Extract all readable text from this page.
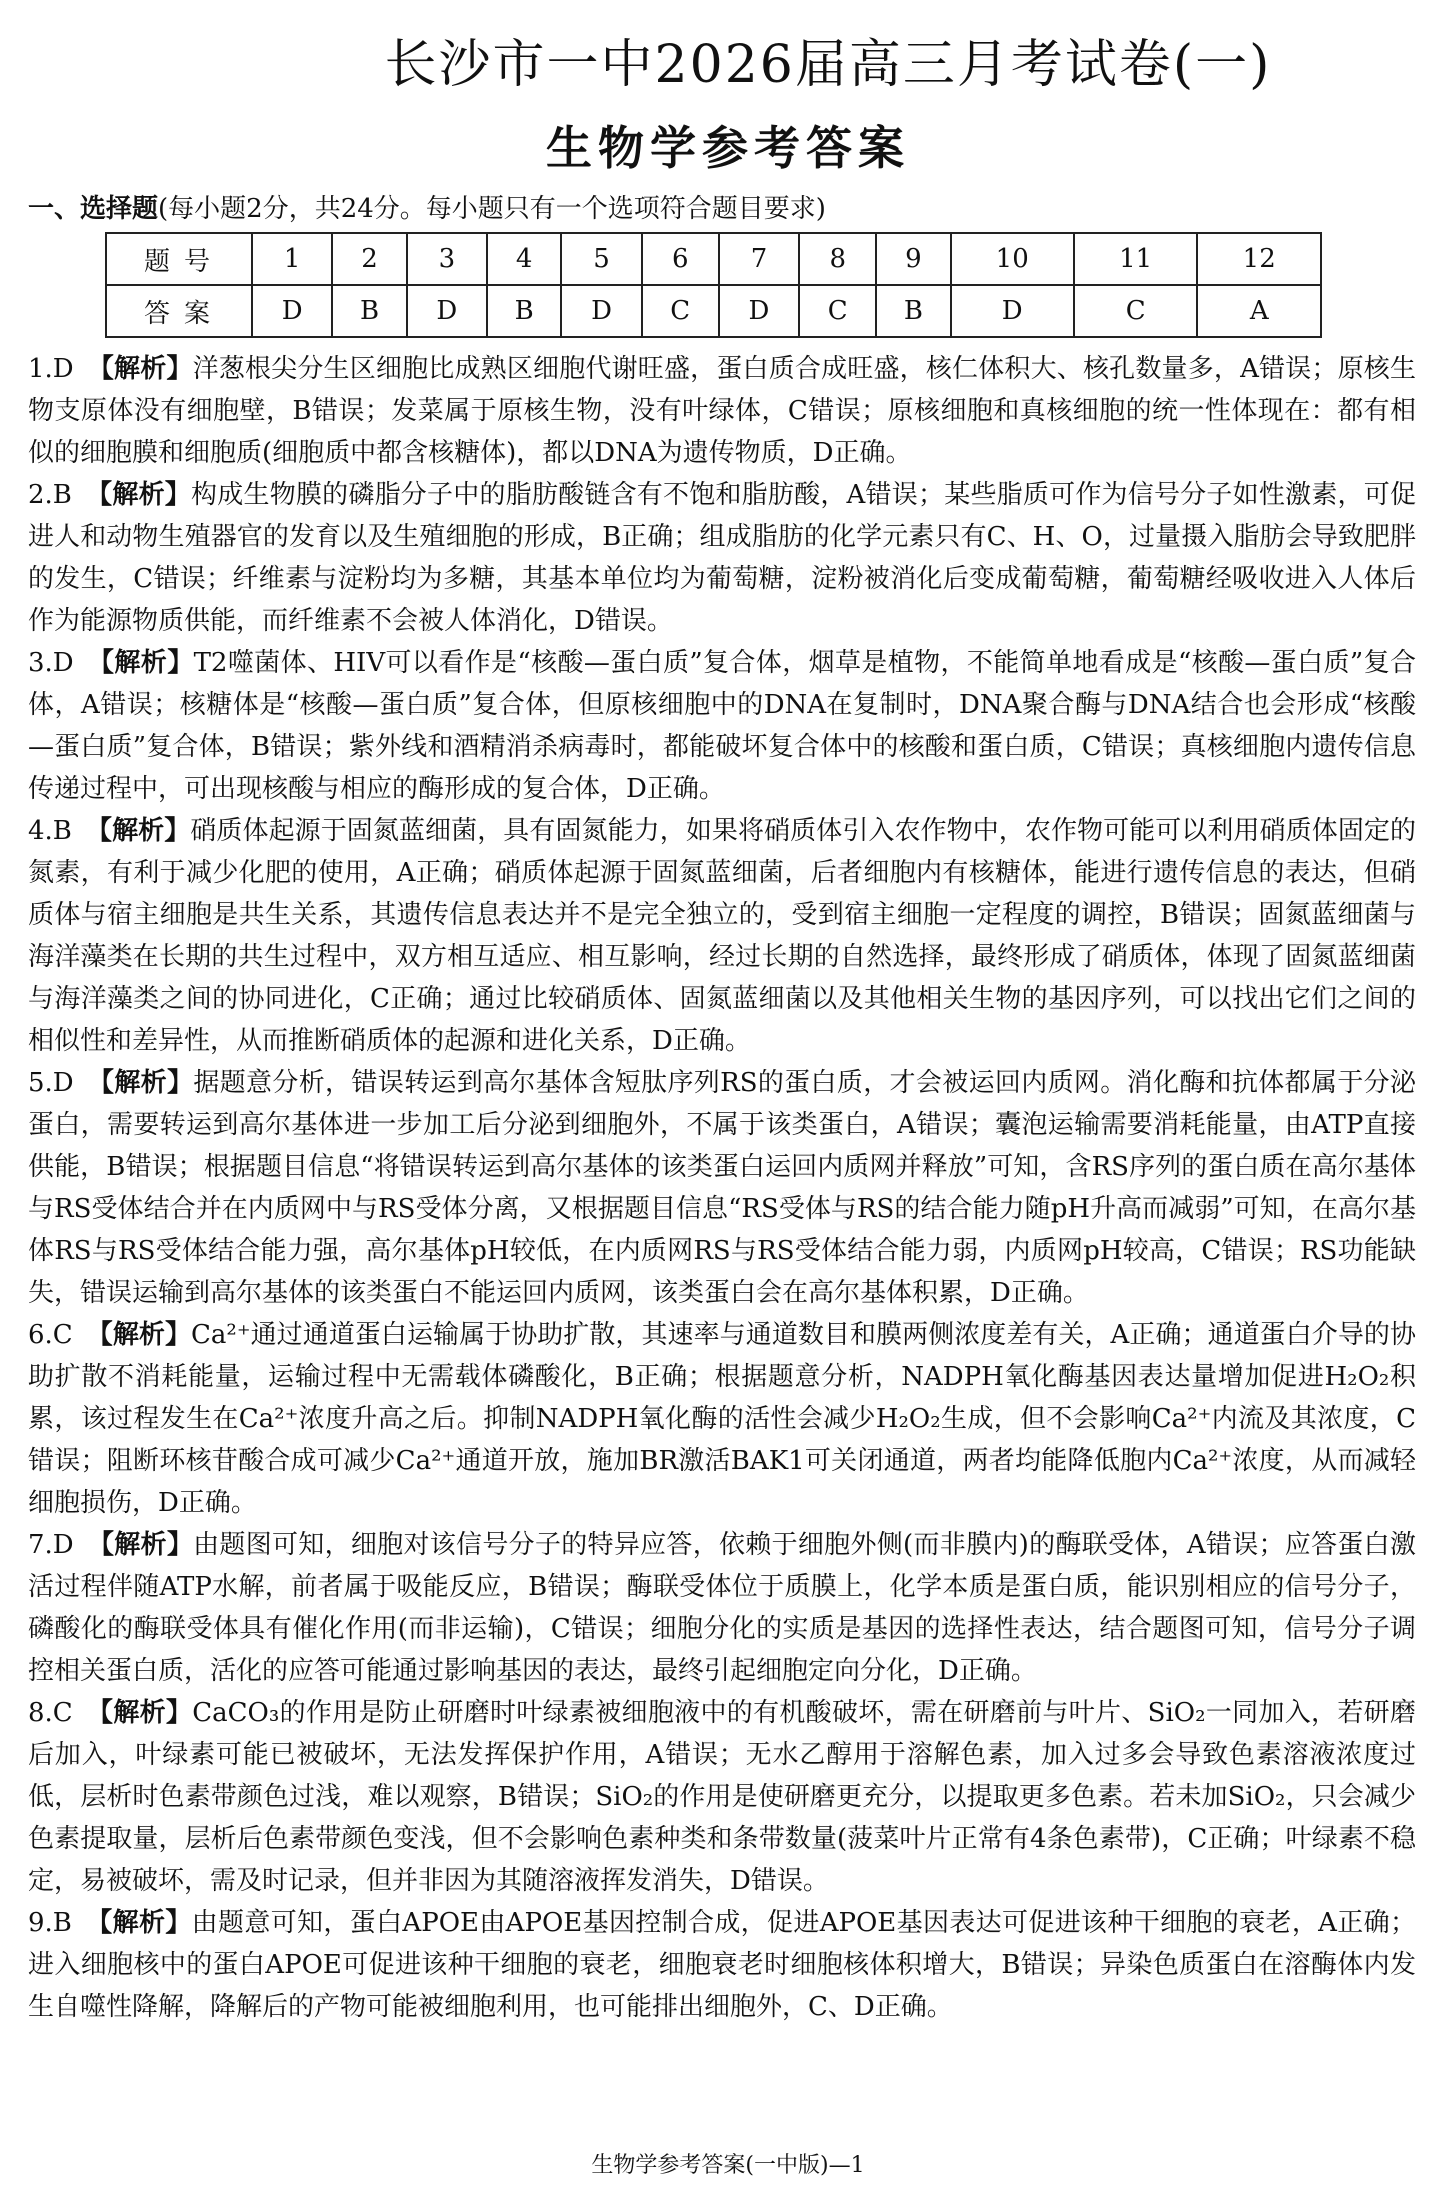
长沙市一中2026届高三月考试卷(一)
生物学参考答案
一、选择题(每小题2分，共24分。每小题只有一个选项符合题目要求)
题号	1	2	3	4	5	6	7	8	9	10	11	12
答案	D	B	D	B	D	C	D	C	B	D	C	A

1.D 【解析】洋葱根尖分生区细胞比成熟区细胞代谢旺盛，蛋白质合成旺盛，核仁体积大、核孔数量多，A错误；原核生物支原体没有细胞壁，B错误；发菜属于原核生物，没有叶绿体，C错误；原核细胞和真核细胞的统一性体现在：都有相似的细胞膜和细胞质(细胞质中都含核糖体)，都以DNA为遗传物质，D正确。

2.B 【解析】构成生物膜的磷脂分子中的脂肪酸链含有不饱和脂肪酸，A错误；某些脂质可作为信号分子如性激素，可促进人和动物生殖器官的发育以及生殖细胞的形成，B正确；组成脂肪的化学元素只有C、H、O，过量摄入脂肪会导致肥胖的发生，C错误；纤维素与淀粉均为多糖，其基本单位均为葡萄糖，淀粉被消化后变成葡萄糖，葡萄糖经吸收进入人体后作为能源物质供能，而纤维素不会被人体消化，D错误。

3.D 【解析】T2噬菌体、HIV可以看作是“核酸—蛋白质”复合体，烟草是植物，不能简单地看成是“核酸—蛋白质”复合体，A错误；核糖体是“核酸—蛋白质”复合体，但原核细胞中的DNA在复制时，DNA聚合酶与DNA结合也会形成“核酸—蛋白质”复合体，B错误；紫外线和酒精消杀病毒时，都能破坏复合体中的核酸和蛋白质，C错误；真核细胞内遗传信息传递过程中，可出现核酸与相应的酶形成的复合体，D正确。

4.B 【解析】硝质体起源于固氮蓝细菌，具有固氮能力，如果将硝质体引入农作物中，农作物可能可以利用硝质体固定的氮素，有利于减少化肥的使用，A正确；硝质体起源于固氮蓝细菌，后者细胞内有核糖体，能进行遗传信息的表达，但硝质体与宿主细胞是共生关系，其遗传信息表达并不是完全独立的，受到宿主细胞一定程度的调控，B错误；固氮蓝细菌与海洋藻类在长期的共生过程中，双方相互适应、相互影响，经过长期的自然选择，最终形成了硝质体，体现了固氮蓝细菌与海洋藻类之间的协同进化，C正确；通过比较硝质体、固氮蓝细菌以及其他相关生物的基因序列，可以找出它们之间的相似性和差异性，从而推断硝质体的起源和进化关系，D正确。

5.D 【解析】据题意分析，错误转运到高尔基体含短肽序列RS的蛋白质，才会被运回内质网。消化酶和抗体都属于分泌蛋白，需要转运到高尔基体进一步加工后分泌到细胞外，不属于该类蛋白，A错误；囊泡运输需要消耗能量，由ATP直接供能，B错误；根据题目信息“将错误转运到高尔基体的该类蛋白运回内质网并释放”可知，含RS序列的蛋白质在高尔基体与RS受体结合并在内质网中与RS受体分离，又根据题目信息“RS受体与RS的结合能力随pH升高而减弱”可知，在高尔基体RS与RS受体结合能力强，高尔基体pH较低，在内质网RS与RS受体结合能力弱，内质网pH较高，C错误；RS功能缺失，错误运输到高尔基体的该类蛋白不能运回内质网，该类蛋白会在高尔基体积累，D正确。

6.C 【解析】Ca²⁺通过通道蛋白运输属于协助扩散，其速率与通道数目和膜两侧浓度差有关，A正确；通道蛋白介导的协助扩散不消耗能量，运输过程中无需载体磷酸化，B正确；根据题意分析，NADPH氧化酶基因表达量增加促进H₂O₂积累，该过程发生在Ca²⁺浓度升高之后。抑制NADPH氧化酶的活性会减少H₂O₂生成，但不会影响Ca²⁺内流及其浓度，C错误；阻断环核苷酸合成可减少Ca²⁺通道开放，施加BR激活BAK1可关闭通道，两者均能降低胞内Ca²⁺浓度，从而减轻细胞损伤，D正确。

7.D 【解析】由题图可知，细胞对该信号分子的特异应答，依赖于细胞外侧(而非膜内)的酶联受体，A错误；应答蛋白激活过程伴随ATP水解，前者属于吸能反应，B错误；酶联受体位于质膜上，化学本质是蛋白质，能识别相应的信号分子，磷酸化的酶联受体具有催化作用(而非运输)，C错误；细胞分化的实质是基因的选择性表达，结合题图可知，信号分子调控相关蛋白质，活化的应答可能通过影响基因的表达，最终引起细胞定向分化，D正确。

8.C 【解析】CaCO₃的作用是防止研磨时叶绿素被细胞液中的有机酸破坏，需在研磨前与叶片、SiO₂一同加入，若研磨后加入，叶绿素可能已被破坏，无法发挥保护作用，A错误；无水乙醇用于溶解色素，加入过多会导致色素溶液浓度过低，层析时色素带颜色过浅，难以观察，B错误；SiO₂的作用是使研磨更充分，以提取更多色素。若未加SiO₂，只会减少色素提取量，层析后色素带颜色变浅，但不会影响色素种类和条带数量(菠菜叶片正常有4条色素带)，C正确；叶绿素不稳定，易被破坏，需及时记录，但并非因为其随溶液挥发消失，D错误。

9.B 【解析】由题意可知，蛋白APOE由APOE基因控制合成，促进APOE基因表达可促进该种干细胞的衰老，A正确；进入细胞核中的蛋白APOE可促进该种干细胞的衰老，细胞衰老时细胞核体积增大，B错误；异染色质蛋白在溶酶体内发生自噬性降解，降解后的产物可能被细胞利用，也可能排出细胞外，C、D正确。

生物学参考答案(一中版)—1
